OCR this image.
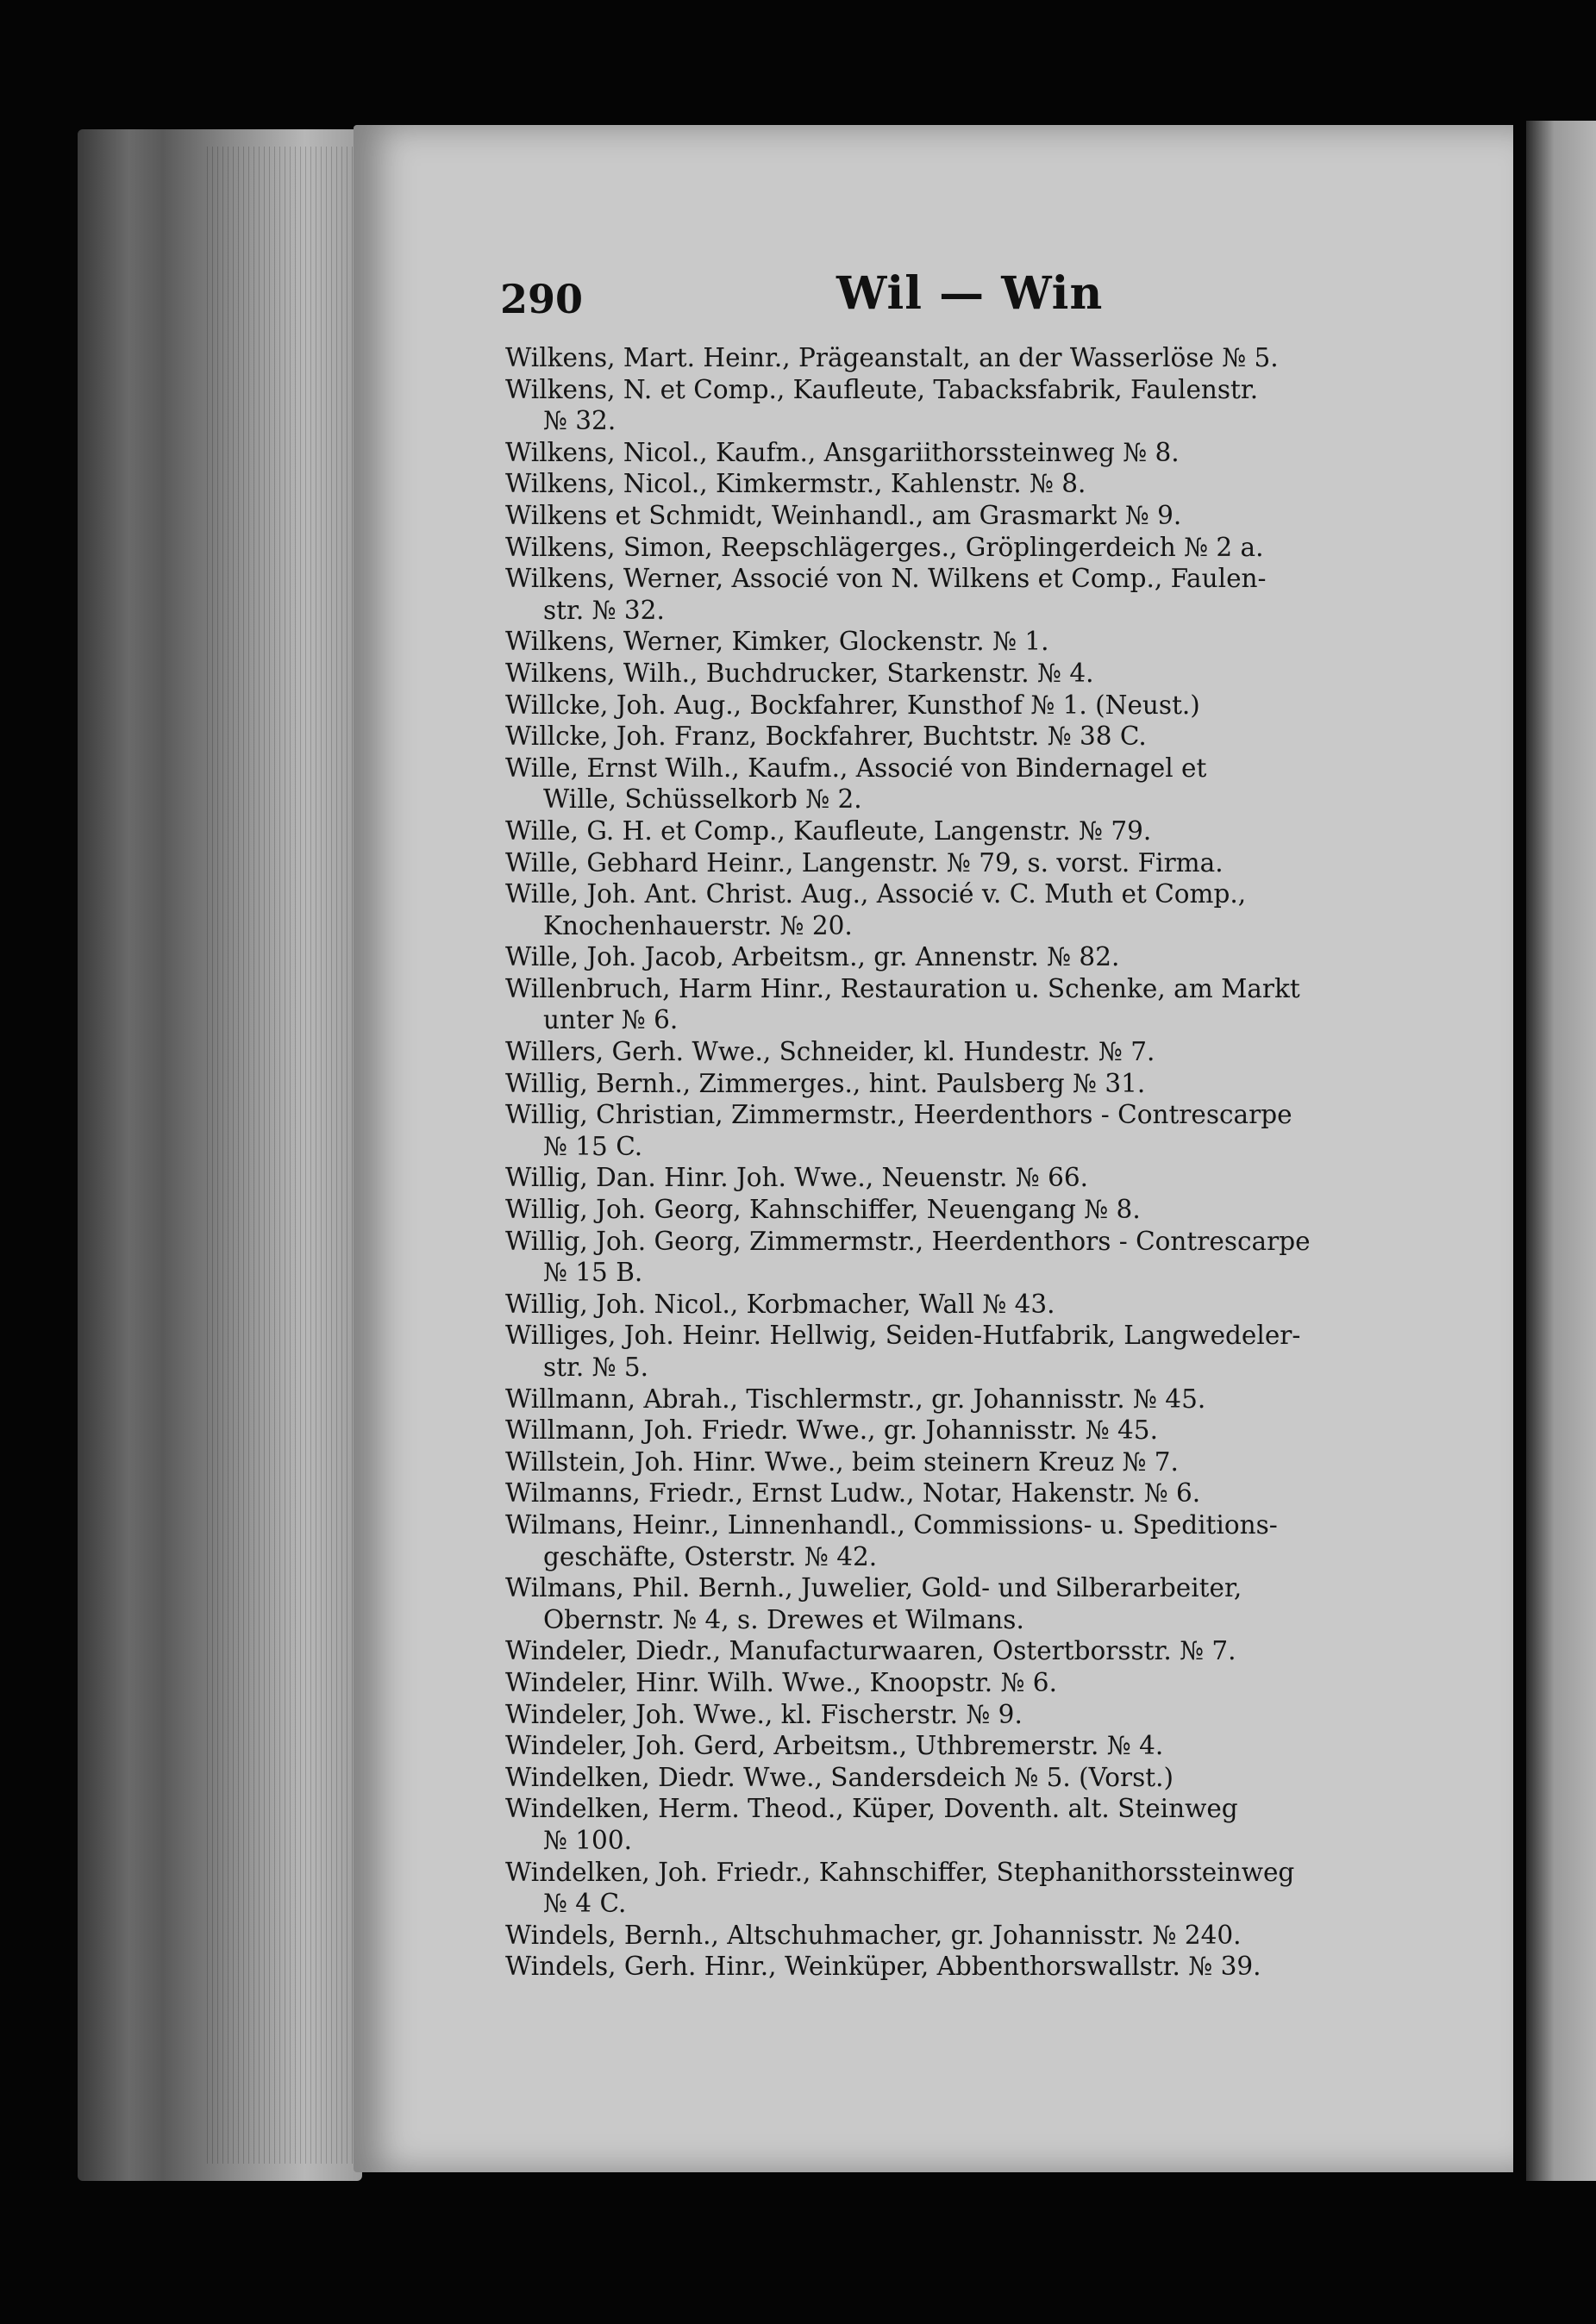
290	Wil — Win
Wilkens, Mart. Heinr., Prägeanstalt, an der Wasserlöse № 5.
Wilkens, N. et Comp., Kaufleute, Tabacksfabrik, Faulenstr.
№ 32.
Wilkens, Nicol., Kaufm., Ansgariithorssteinweg № 8.
Wilkens, Nicol., Kimkermstr., Kahlenstr. № 8.
Wilkens et Schmidt, Weinhandl., am Grasmarkt № 9.
Wilkens, Simon, Reepschlägerges., Gröplingerdeich № 2 a.
Wilkens, Werner, Associé von N. Wilkens et Comp., Faulen-
str. № 32.
Wilkens, Werner, Kimker, Glockenstr. № 1.
Wilkens, Wilh., Buchdrucker, Starkenstr. № 4.
Willcke, Joh. Aug., Bockfahrer, Kunsthof № 1. (Neust.)
Willcke, Joh. Franz, Bockfahrer, Buchtstr. № 38 C.
Wille, Ernst Wilh., Kaufm., Associé von Bindernagel et
Wille, Schüsselkorb № 2.
Wille, G. H. et Comp., Kaufleute, Langenstr. № 79.
Wille, Gebhard Heinr., Langenstr. № 79, s. vorst. Firma.
Wille, Joh. Ant. Christ. Aug., Associé v. C. Muth et Comp.,
Knochenhauerstr. № 20.
Wille, Joh. Jacob, Arbeitsm., gr. Annenstr. № 82.
Willenbruch, Harm Hinr., Restauration u. Schenke, am Markt
unter № 6.
Willers, Gerh. Wwe., Schneider, kl. Hundestr. № 7.
Willig, Bernh., Zimmerges., hint. Paulsberg № 31.
Willig, Christian, Zimmermstr., Heerdenthors - Contrescarpe
№ 15 C.
Willig, Dan. Hinr. Joh. Wwe., Neuenstr. № 66.
Willig, Joh. Georg, Kahnschiffer, Neuengang № 8.
Willig, Joh. Georg, Zimmermstr., Heerdenthors - Contrescarpe
№ 15 B.
Willig, Joh. Nicol., Korbmacher, Wall № 43.
Williges, Joh. Heinr. Hellwig, Seiden-Hutfabrik, Langwedeler-
str. № 5.
Willmann, Abrah., Tischlermstr., gr. Johannisstr. № 45.
Willmann, Joh. Friedr. Wwe., gr. Johannisstr. № 45.
Willstein, Joh. Hinr. Wwe., beim steinern Kreuz № 7.
Wilmanns, Friedr., Ernst Ludw., Notar, Hakenstr. № 6.
Wilmans, Heinr., Linnenhandl., Commissions- u. Speditions-
geschäfte, Osterstr. № 42.
Wilmans, Phil. Bernh., Juwelier, Gold- und Silberarbeiter,
Obernstr. № 4, s. Drewes et Wilmans.
Windeler, Diedr., Manufacturwaaren, Ostertborsstr. № 7.
Windeler, Hinr. Wilh. Wwe., Knoopstr. № 6.
Windeler, Joh. Wwe., kl. Fischerstr. № 9.
Windeler, Joh. Gerd, Arbeitsm., Uthbremerstr. № 4.
Windelken, Diedr. Wwe., Sandersdeich № 5. (Vorst.)
Windelken, Herm. Theod., Küper, Doventh. alt. Steinweg
№ 100.
Windelken, Joh. Friedr., Kahnschiffer, Stephanithorssteinweg
№ 4 C.
Windels, Bernh., Altschuhmacher, gr. Johannisstr. № 240.
Windels, Gerh. Hinr., Weinküper, Abbenthorswallstr. № 39.
